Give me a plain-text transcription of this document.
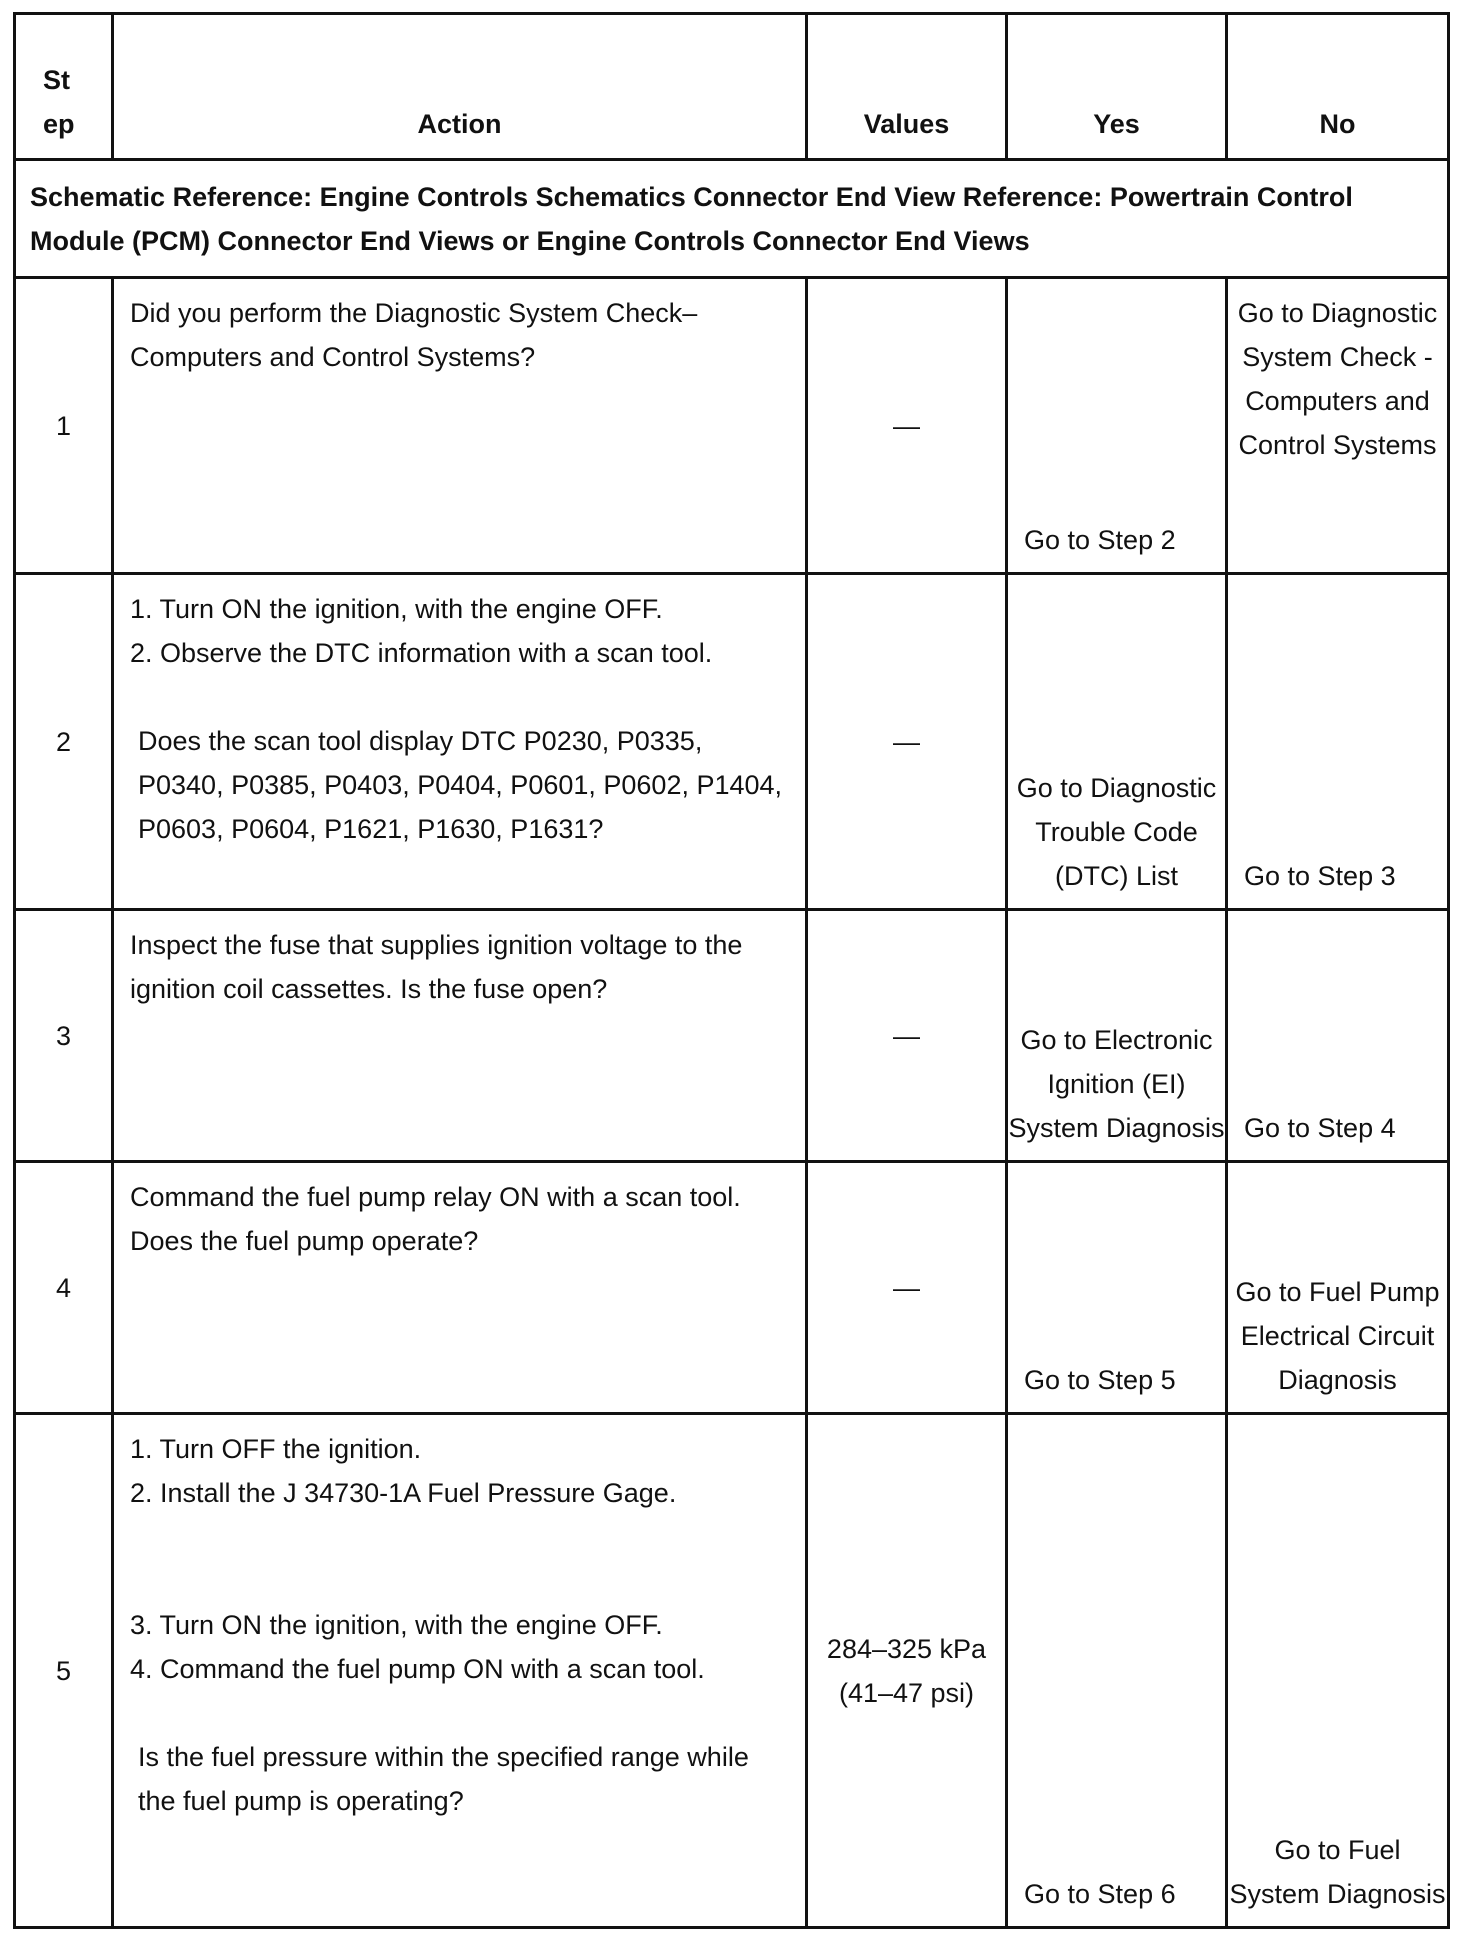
St ep	Action	Values	Yes	No
Schematic Reference: Engine Controls Schematics Connector End View Reference: Powertrain Control Module (PCM) Connector End Views or Engine Controls Connector End Views				
1	Did you perform the Diagnostic System Check–Computers and Control Systems?	—	Go to Step 2	Go to Diagnostic System Check - Computers and Control Systems
2	1. Turn ON the ignition, with the engine OFF.
2. Observe the DTC information with a scan tool.
Does the scan tool display DTC P0230, P0335, P0340, P0385, P0403, P0404, P0601, P0602, P1404, P0603, P0604, P1621, P1630, P1631?	—	Go to Diagnostic Trouble Code (DTC) List	Go to Step 3
3	Inspect the fuse that supplies ignition voltage to the ignition coil cassettes. Is the fuse open?	—	Go to Electronic Ignition (EI) System Diagnosis	Go to Step 4
4	Command the fuel pump relay ON with a scan tool. Does the fuel pump operate?	—	Go to Step 5	Go to Fuel Pump Electrical Circuit Diagnosis
5	1. Turn OFF the ignition.
2. Install the J 34730-1A Fuel Pressure Gage.
3. Turn ON the ignition, with the engine OFF.
4. Command the fuel pump ON with a scan tool.
Is the fuel pressure within the specified range while the fuel pump is operating?	284–325 kPa (41–47 psi)	Go to Step 6	Go to Fuel System Diagnosis
